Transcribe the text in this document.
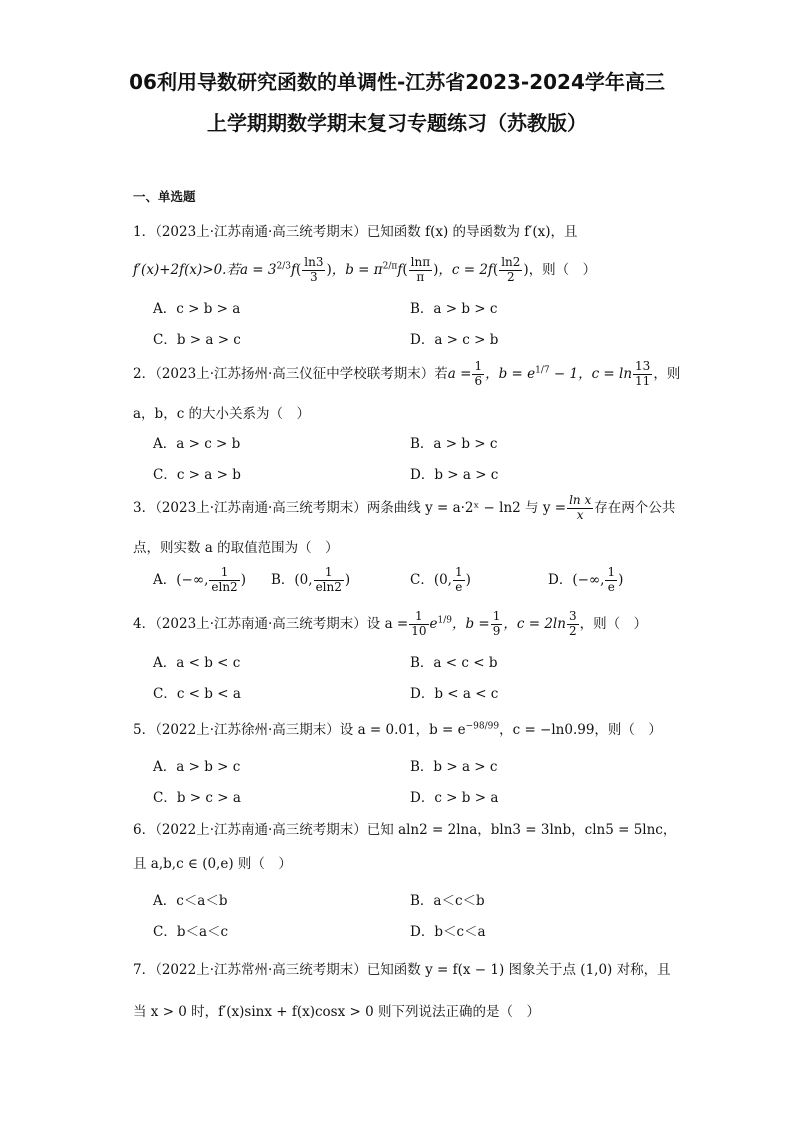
06利用导数研究函数的单调性-江苏省2023-2024学年高三
上学期期数学期末复习专题练习（苏教版）
一、单选题
1．（2023上·江苏南通·高三统考期末）已知函数 f(x) 的导函数为 f′(x)，且
f′(x)+2f(x)>0.若$a = 3^{2/3}f( \frac{\ln 3}{3}$ )，$b = \pi^{2/\pi}f( \frac{\ln\pi}{\pi}$ )，$c = 2f( \frac{\ln 2}{2}$ )，则（　）
A．c > b > a	B．a > b > c
C．b > a > c	D．a > c > b
2．（2023上·江苏扬州·高三仪征中学校联考期末）若$a = \frac{1}{6}$ ，$b = e^{1/7} - 1$，$c = \ln \frac{13}{11}$ ，则
a，b，c 的大小关系为（　）
A．a > c > b	B．a > b > c
C．c > a > b	D．b > a > c
3．（2023上·江苏南通·高三统考期末）两条曲线 y = a·2ˣ − ln2 与 $y = \frac{\text{ln x}}{x}$ 存在两个公共
点，则实数 a 的取值范围为（　）
A．(−∞, $\frac{1}{eln2}$ ) B．(0, $\frac{1}{eln2}$ )	C．(0, $\frac{1}{e}$ )	D．(−∞, $\frac{1}{e}$ )
4．（2023上·江苏南通·高三统考期末）设 $a = \frac{1}{10} e^{1/9}$，$b = \frac{1}{9}$ ，$c = 2\ln \frac{3}{2}$ ，则（　）
A．a < b < c	B．a < c < b
C．c < b < a	D．b < a < c
5．（2022上·江苏徐州·高三期末）设 a = 0.01，$b = e^{-98/99}$，c = −ln0.99，则（　）
A．a > b > c	B．b > a > c
C．b > c > a	D．c > b > a
6．（2022上·江苏南通·高三统考期末）已知 aln2 = 2lna，bln3 = 3lnb，cln5 = 5lnc，
且 a,b,c ∈ (0,e) 则（　）
A．c＜a＜b	B．a＜c＜b
C．b＜a＜c	D．b＜c＜a
7．（2022上·江苏常州·高三统考期末）已知函数 y = f(x − 1) 图象关于点 (1,0) 对称，且
当 x > 0 时，f′(x)sinx + f(x)cosx > 0 则下列说法正确的是（　）
